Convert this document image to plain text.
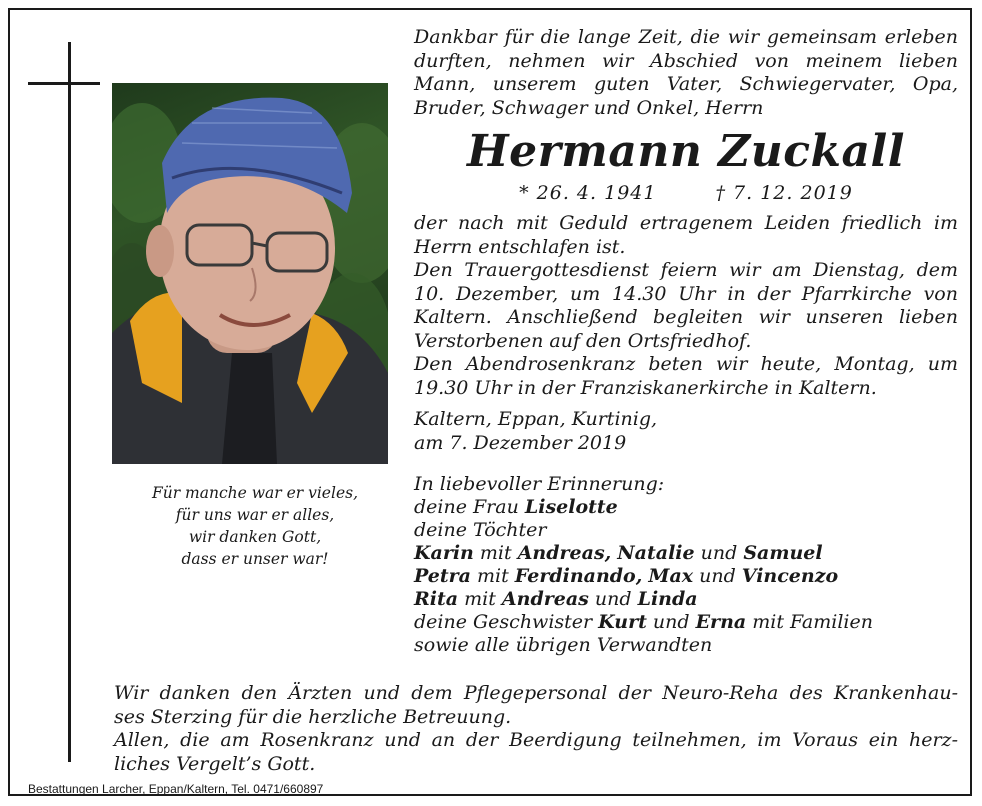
Für manche war er vieles,
für uns war er alles,
wir danken Gott,
dass er unser war!
Dankbar für die lange Zeit, die wir gemeinsam erleben
durften, nehmen wir Abschied von meinem lieben
Mann, unserem guten Vater, Schwiegervater, Opa,
Bruder, Schwager und Onkel, Herrn
Hermann Zuckall
* 26. 4. 1941	† 7. 12. 2019
der nach mit Geduld ertragenem Leiden friedlich im
Herrn entschlafen ist.
Den Trauergottesdienst feiern wir am Dienstag, dem
10. Dezember, um 14.30 Uhr in der Pfarrkirche von
Kaltern. Anschließend begleiten wir unseren lieben
Verstorbenen auf den Ortsfriedhof.
Den Abendrosenkranz beten wir heute, Montag, um
19.30 Uhr in der Franziskanerkirche in Kaltern.
Kaltern, Eppan, Kurtinig,
am 7. Dezember 2019
In liebevoller Erinnerung:
deine Frau Liselotte
deine Töchter
Karin mit Andreas, Natalie und Samuel
Petra mit Ferdinando, Max und Vincenzo
Rita mit Andreas und Linda
deine Geschwister Kurt und Erna mit Familien
sowie alle übrigen Verwandten
Wir danken den Ärzten und dem Pflegepersonal der Neuro-Reha des Krankenhau-
ses Sterzing für die herzliche Betreuung.
Allen, die am Rosenkranz und an der Beerdigung teilnehmen, im Voraus ein herz-
liches Vergelt’s Gott.
Bestattungen Larcher, Eppan/Kaltern, Tel. 0471/660897
